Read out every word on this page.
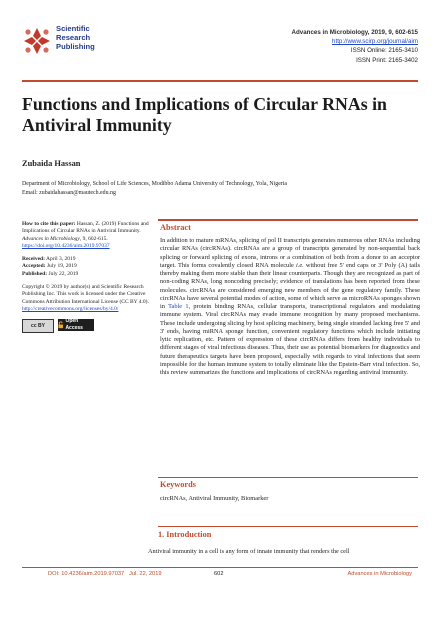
Scientific
Research
Publishing
Advances in Microbiology, 2019, 9, 602-615
http://www.scirp.org/journal/aim
ISSN Online: 2165-3410
ISSN Print: 2165-3402
Functions and Implications of Circular RNAs in Antiviral Immunity
Zubaida Hassan
Department of Microbiology, School of Life Sciences, Modibbo Adama University of Technology, Yola, Nigeria
Email: zubaidahassan@mautech.edu.ng

How to cite this paper: Hassan, Z. (2019) Functions and Implications of Circular RNAs in Antiviral Immunity. Advances in Microbiology, 9, 602-615. https://doi.org/10.4236/aim.2019.97037

Received: April 3, 2019
Accepted: July 19, 2019
Published: July 22, 2019

Copyright © 2019 by author(s) and Scientific Research Publishing Inc. This work is licensed under the Creative Commons Attribution International License (CC BY 4.0).
http://creativecommons.org/licenses/by/4.0/

cc BY
Open Access
Abstract
In addition to mature mRNAs, splicing of pol II transcripts generates numerous other RNAs including circular RNAs (circRNAs). circRNAs are a group of transcripts generated by non-sequential back splicing or forward splicing of exons, introns or a combination of both from a donor to an acceptor target. This forms covalently closed RNA molecule i.e. without free 5' end caps or 3' Poly (A) tails thereby making them more stable than their linear counterparts. Though they are recognized as part of non-coding RNAs, long noncoding precisely; evidence of translations has been reported from these molecules. circRNAs are considered emerging new members of the gene regulatory family. These circRNAs have several potential modes of action, some of which serve as microRNAs sponges shown in Table 1, protein binding RNAs, cellular transports, transcriptional regulators and modulating immune system. Viral circRNAs may evade immune recognition by many proposed mechanisms. These include undergoing slicing by host splicing machinery, being single stranded lacking free 5' and 3' ends, having miRNA sponge function, convenient regulatory functions which include initiating lytic replication, etc. Pattern of expression of these circRNAs differs from healthy individuals to different stages of viral infectious diseases. Thus, their use as potential biomarkers for diagnostics and future therapeutics targets have been proposed, especially with regards to viral infections that seem impossible for the human immune system to totally eliminate like the Epstein-Barr viral infection. So, this review summarizes the functions and implications of circRNAs regarding antiviral immunity.
Keywords
circRNAs, Antiviral Immunity, Biomarker
1. Introduction
Antiviral immunity in a cell is any form of innate immunity that renders the cell
DOI: 10.4236/aim.2019.97037 Jul. 22, 2019	602	Advances in Microbiology
